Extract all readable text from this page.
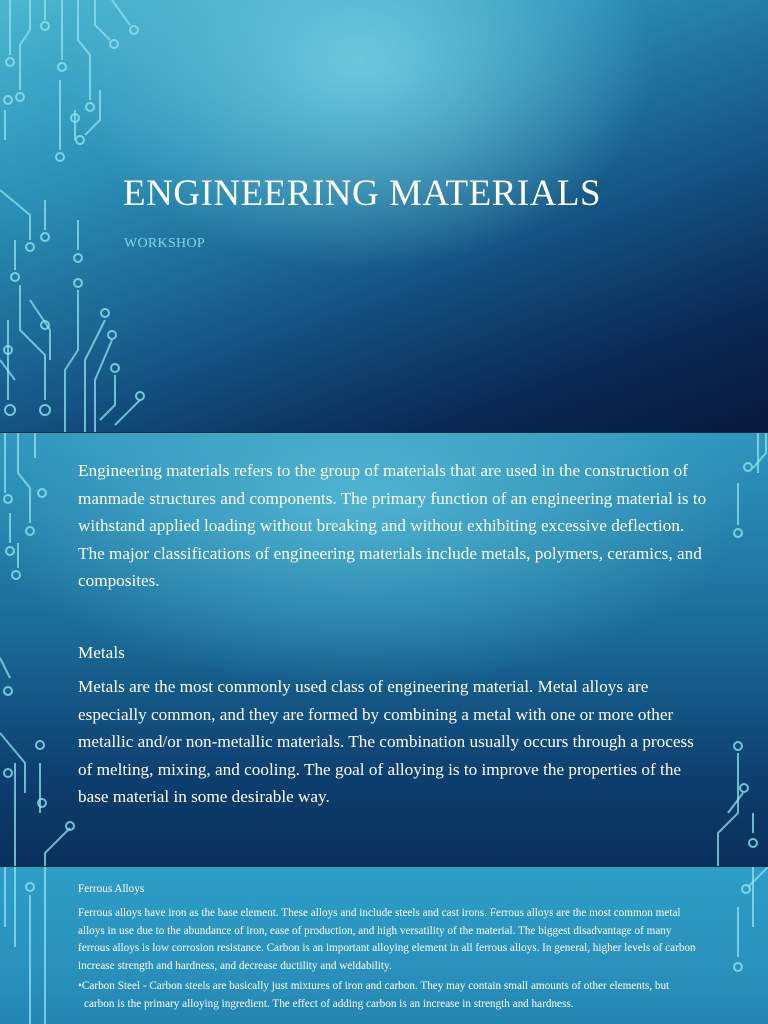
ENGINEERING MATERIALS

WORKSHOP

Engineering materials refers to the group of materials that are used in the construction of manmade structures and components. The primary function of an engineering material is to withstand applied loading without breaking and without exhibiting excessive deflection. The major classifications of engineering materials include metals, polymers, ceramics, and composites.

Metals

Metals are the most commonly used class of engineering material. Metal alloys are especially common, and they are formed by combining a metal with one or more other metallic and/or non-metallic materials. The combination usually occurs through a process of melting, mixing, and cooling. The goal of alloying is to improve the properties of the base material in some desirable way.

Ferrous Alloys

Ferrous alloys have iron as the base element. These alloys and include steels and cast irons. Ferrous alloys are the most common metal alloys in use due to the abundance of iron, ease of production, and high versatility of the material. The biggest disadvantage of many ferrous alloys is low corrosion resistance. Carbon is an important alloying element in all ferrous alloys. In general, higher levels of carbon increase strength and hardness, and decrease ductility and weldability.

•Carbon Steel - Carbon steels are basically just mixtures of iron and carbon. They may contain small amounts of other elements, but carbon is the primary alloying ingredient. The effect of adding carbon is an increase in strength and hardness.
